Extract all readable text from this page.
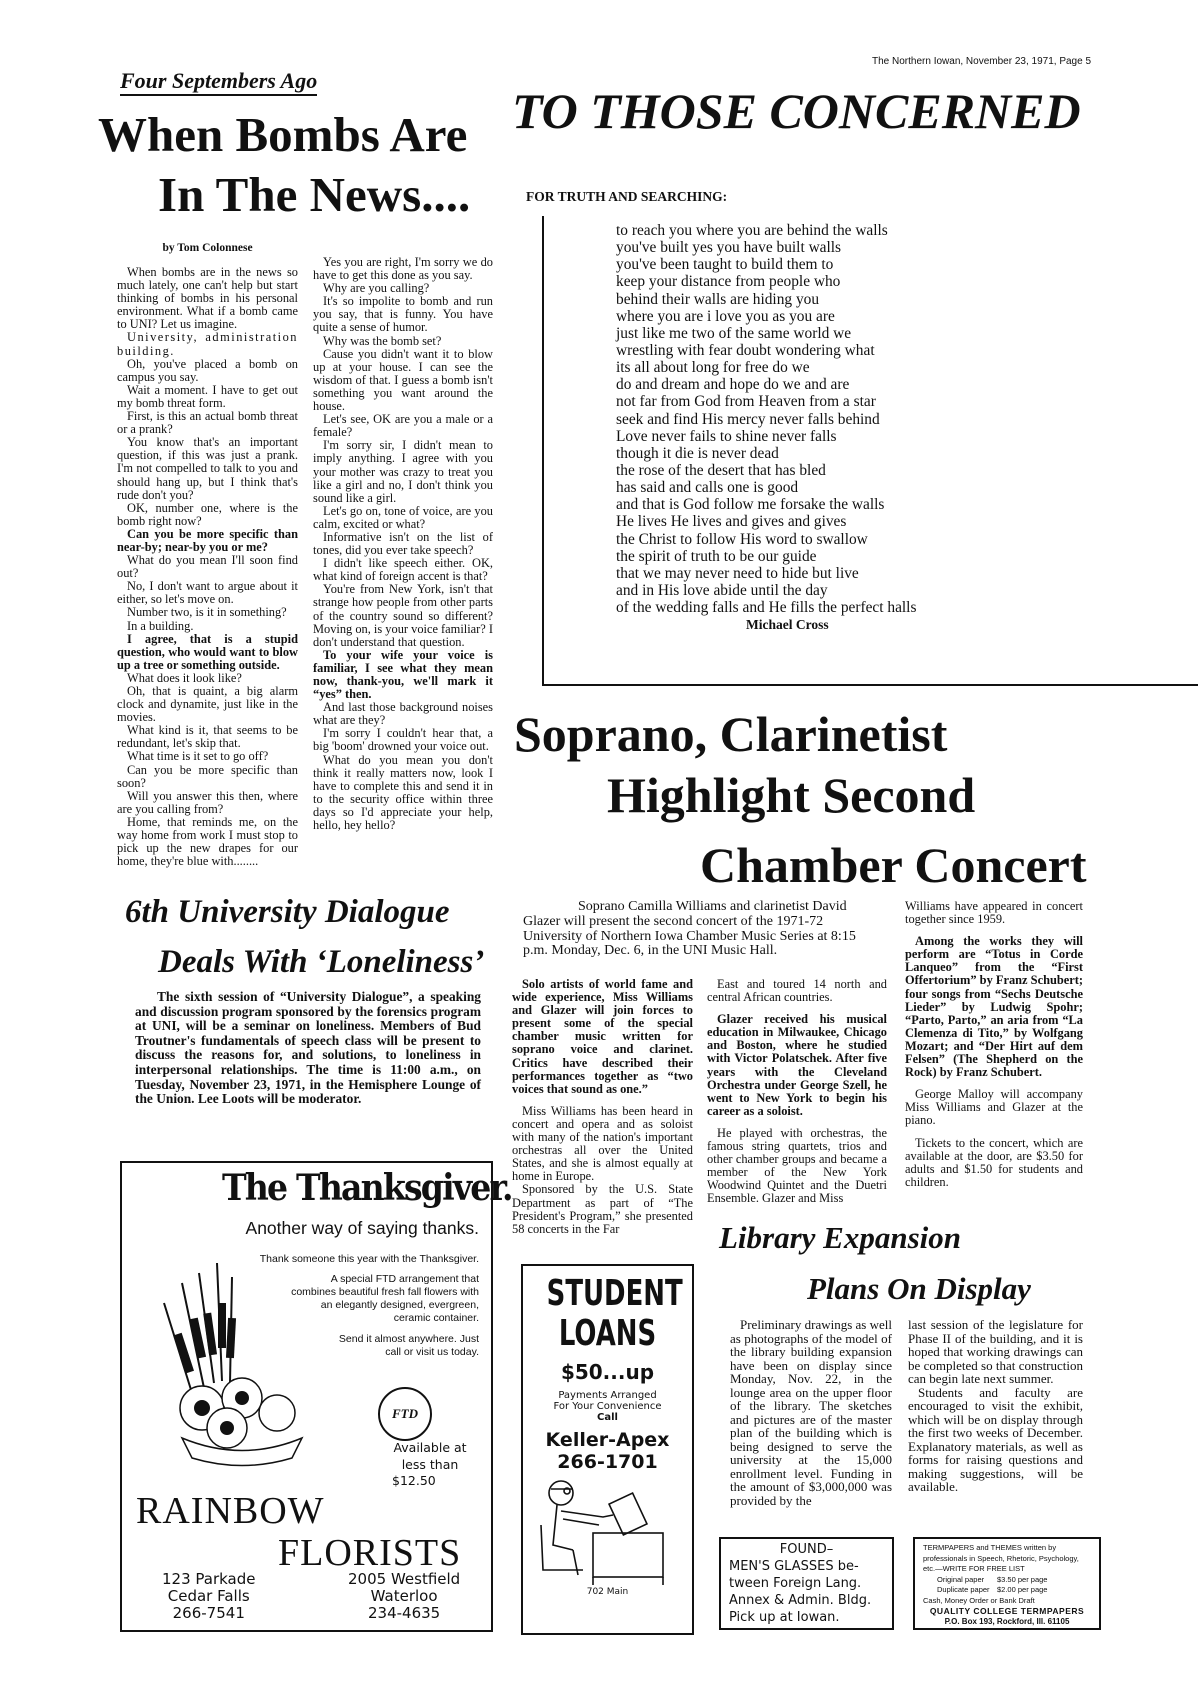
The Northern Iowan, November 23, 1971, Page 5
Four Septembers Ago
When Bombs Are
In The News....
by Tom Colonnese

When bombs are in the news so much lately, one can't help but start thinking of bombs in his personal environment. What if a bomb came to UNI? Let us imagine.

University, administration building.

Oh, you've placed a bomb on campus you say.

Wait a moment. I have to get out my bomb threat form.

First, is this an actual bomb threat or a prank?

You know that's an important question, if this was just a prank. I'm not compelled to talk to you and should hang up, but I think that's rude don't you?

OK, number one, where is the bomb right now?

Can you be more specific than near-by; near-by you or me?

What do you mean I'll soon find out?

No, I don't want to argue about it either, so let's move on.

Number two, is it in something?

In a building.

I agree, that is a stupid question, who would want to blow up a tree or something outside.

What does it look like?

Oh, that is quaint, a big alarm clock and dynamite, just like in the movies.

What kind is it, that seems to be redundant, let's skip that.

What time is it set to go off?

Can you be more specific than soon?

Will you answer this then, where are you calling from?

Home, that reminds me, on the way home from work I must stop to pick up the new drapes for our home, they're blue with........

Yes you are right, I'm sorry we do have to get this done as you say.

Why are you calling?

It's so impolite to bomb and run you say, that is funny. You have quite a sense of humor.

Why was the bomb set?

Cause you didn't want it to blow up at your house. I can see the wisdom of that. I guess a bomb isn't something you want around the house.

Let's see, OK are you a male or a female?

I'm sorry sir, I didn't mean to imply anything. I agree with you your mother was crazy to treat you like a girl and no, I don't think you sound like a girl.

Let's go on, tone of voice, are you calm, excited or what?

Informative isn't on the list of tones, did you ever take speech?

I didn't like speech either. OK, what kind of foreign accent is that?

You're from New York, isn't that strange how people from other parts of the country sound so different? Moving on, is your voice familiar? I don't understand that question.

To your wife your voice is familiar, I see what they mean now, thank-you, we'll mark it “yes” then.

And last those background noises what are they?

I'm sorry I couldn't hear that, a big 'boom' drowned your voice out.

What do you mean you don't think it really matters now, look I have to complete this and send it in to the security office within three days so I'd appreciate your help, hello, hey hello?

TO THOSE CONCERNED
FOR TRUTH AND SEARCHING:
to reach you where you are behind the walls
you've built yes you have built walls
you've been taught to build them to
keep your distance from people who
behind their walls are hiding you
where you are i love you as you are
just like me two of the same world we
wrestling with fear doubt wondering what
its all about long for free do we
do and dream and hope do we and are
not far from God from Heaven from a star
seek and find His mercy never falls behind
Love never fails to shine never falls
though it die is never dead
the rose of the desert that has bled
has said and calls one is good
and that is God follow me forsake the walls
He lives He lives and gives and gives
the Christ to follow His word to swallow
the spirit of truth to be our guide
that we may never need to hide but live
and in His love abide until the day
of the wedding falls and He fills the perfect halls
Michael Cross
Soprano, Clarinetist
Highlight Second
Chamber Concert
Soprano Camilla Williams and clarinetist David Glazer will present the second concert of the 1971-72 University of Northern Iowa Chamber Music Series at 8:15 p.m. Monday, Dec. 6, in the UNI Music Hall.

Solo artists of world fame and wide experience, Miss Williams and Glazer will join forces to present some of the special chamber music written for soprano voice and clarinet. Critics have described their performances together as “two voices that sound as one.”

Miss Williams has been heard in concert and opera and as soloist with many of the nation's important orchestras all over the United States, and she is almost equally at home in Europe.

Sponsored by the U.S. State Department as part of “The President's Program,” she presented 58 concerts in the Far

East and toured 14 north and central African countries.

Glazer received his musical education in Milwaukee, Chicago and Boston, where he studied with Victor Polatschek. After five years with the Cleveland Orchestra under George Szell, he went to New York to begin his career as a soloist.

He played with orchestras, the famous string quartets, trios and other chamber groups and became a member of the New York Woodwind Quintet and the Duetri Ensemble. Glazer and Miss

Williams have appeared in concert together since 1959.

Among the works they will perform are “Totus in Corde Lanqueo” from the “First Offertorium” by Franz Schubert; four songs from “Sechs Deutsche Lieder” by Ludwig Spohr; “Parto, Parto,” an aria from “La Clemenza di Tito,” by Wolfgang Mozart; and “Der Hirt auf dem Felsen” (The Shepherd on the Rock) by Franz Schubert.

George Malloy will accompany Miss Williams and Glazer at the piano.

Tickets to the concert, which are available at the door, are $3.50 for adults and $1.50 for students and children.

6th University Dialogue
Deals With ‘Loneliness’
The sixth session of “University Dialogue”, a speaking and discussion program sponsored by the forensics program at UNI, will be a seminar on loneliness. Members of Bud Troutner's fundamentals of speech class will be present to discuss the reasons for, and solutions, to loneliness in interpersonal relationships. The time is 11:00 a.m., on Tuesday, November 23, 1971, in the Hemisphere Lounge of the Union. Lee Loots will be moderator.
Library Expansion
Plans On Display

Preliminary drawings as well as photographs of the model of the library building expansion have been on display since Monday, Nov. 22, in the lounge area on the upper floor of the library. The sketches and pictures are of the master plan of the building which is being designed to serve the university at the 15,000 enrollment level. Funding in the amount of $3,000,000 was provided by the

last session of the legislature for Phase II of the building, and it is hoped that working drawings can be completed so that construction can begin late next summer.

Students and faculty are encouraged to visit the exhibit, which will be on display through the first two weeks of December. Explanatory materials, as well as forms for raising questions and making suggestions, will be available.

The Thanksgiver.
Another way of saying thanks.
Thank someone this year with the Thanksgiver.
A special FTD arrangement that combines beautiful fresh fall flowers with an elegantly designed, evergreen, ceramic container.
Send it almost anywhere. Just call or visit us today.
FTD
Available at less than
$12.50
RAINBOW
FLORISTS
123 Parkade
Cedar Falls
266-7541
2005 Westfield
Waterloo
234-4635
STUDENT
LOANS
$50...up
Payments Arranged
For Your Convenience
Call
Keller-Apex
266-1701
702 Main
FOUND–
MEN'S GLASSES be-
tween Foreign Lang.
Annex & Admin. Bldg.
Pick up at Iowan.
TERMPAPERS and THEMES written by professionals in Speech, Rhetoric, Psychology, etc.—WRITE FOR FREE LIST
Original paper $3.50 per page
Duplicate paper $2.00 per page
Cash, Money Order or Bank Draft
QUALITY COLLEGE TERMPAPERS
P.O. Box 193, Rockford, Ill. 61105
